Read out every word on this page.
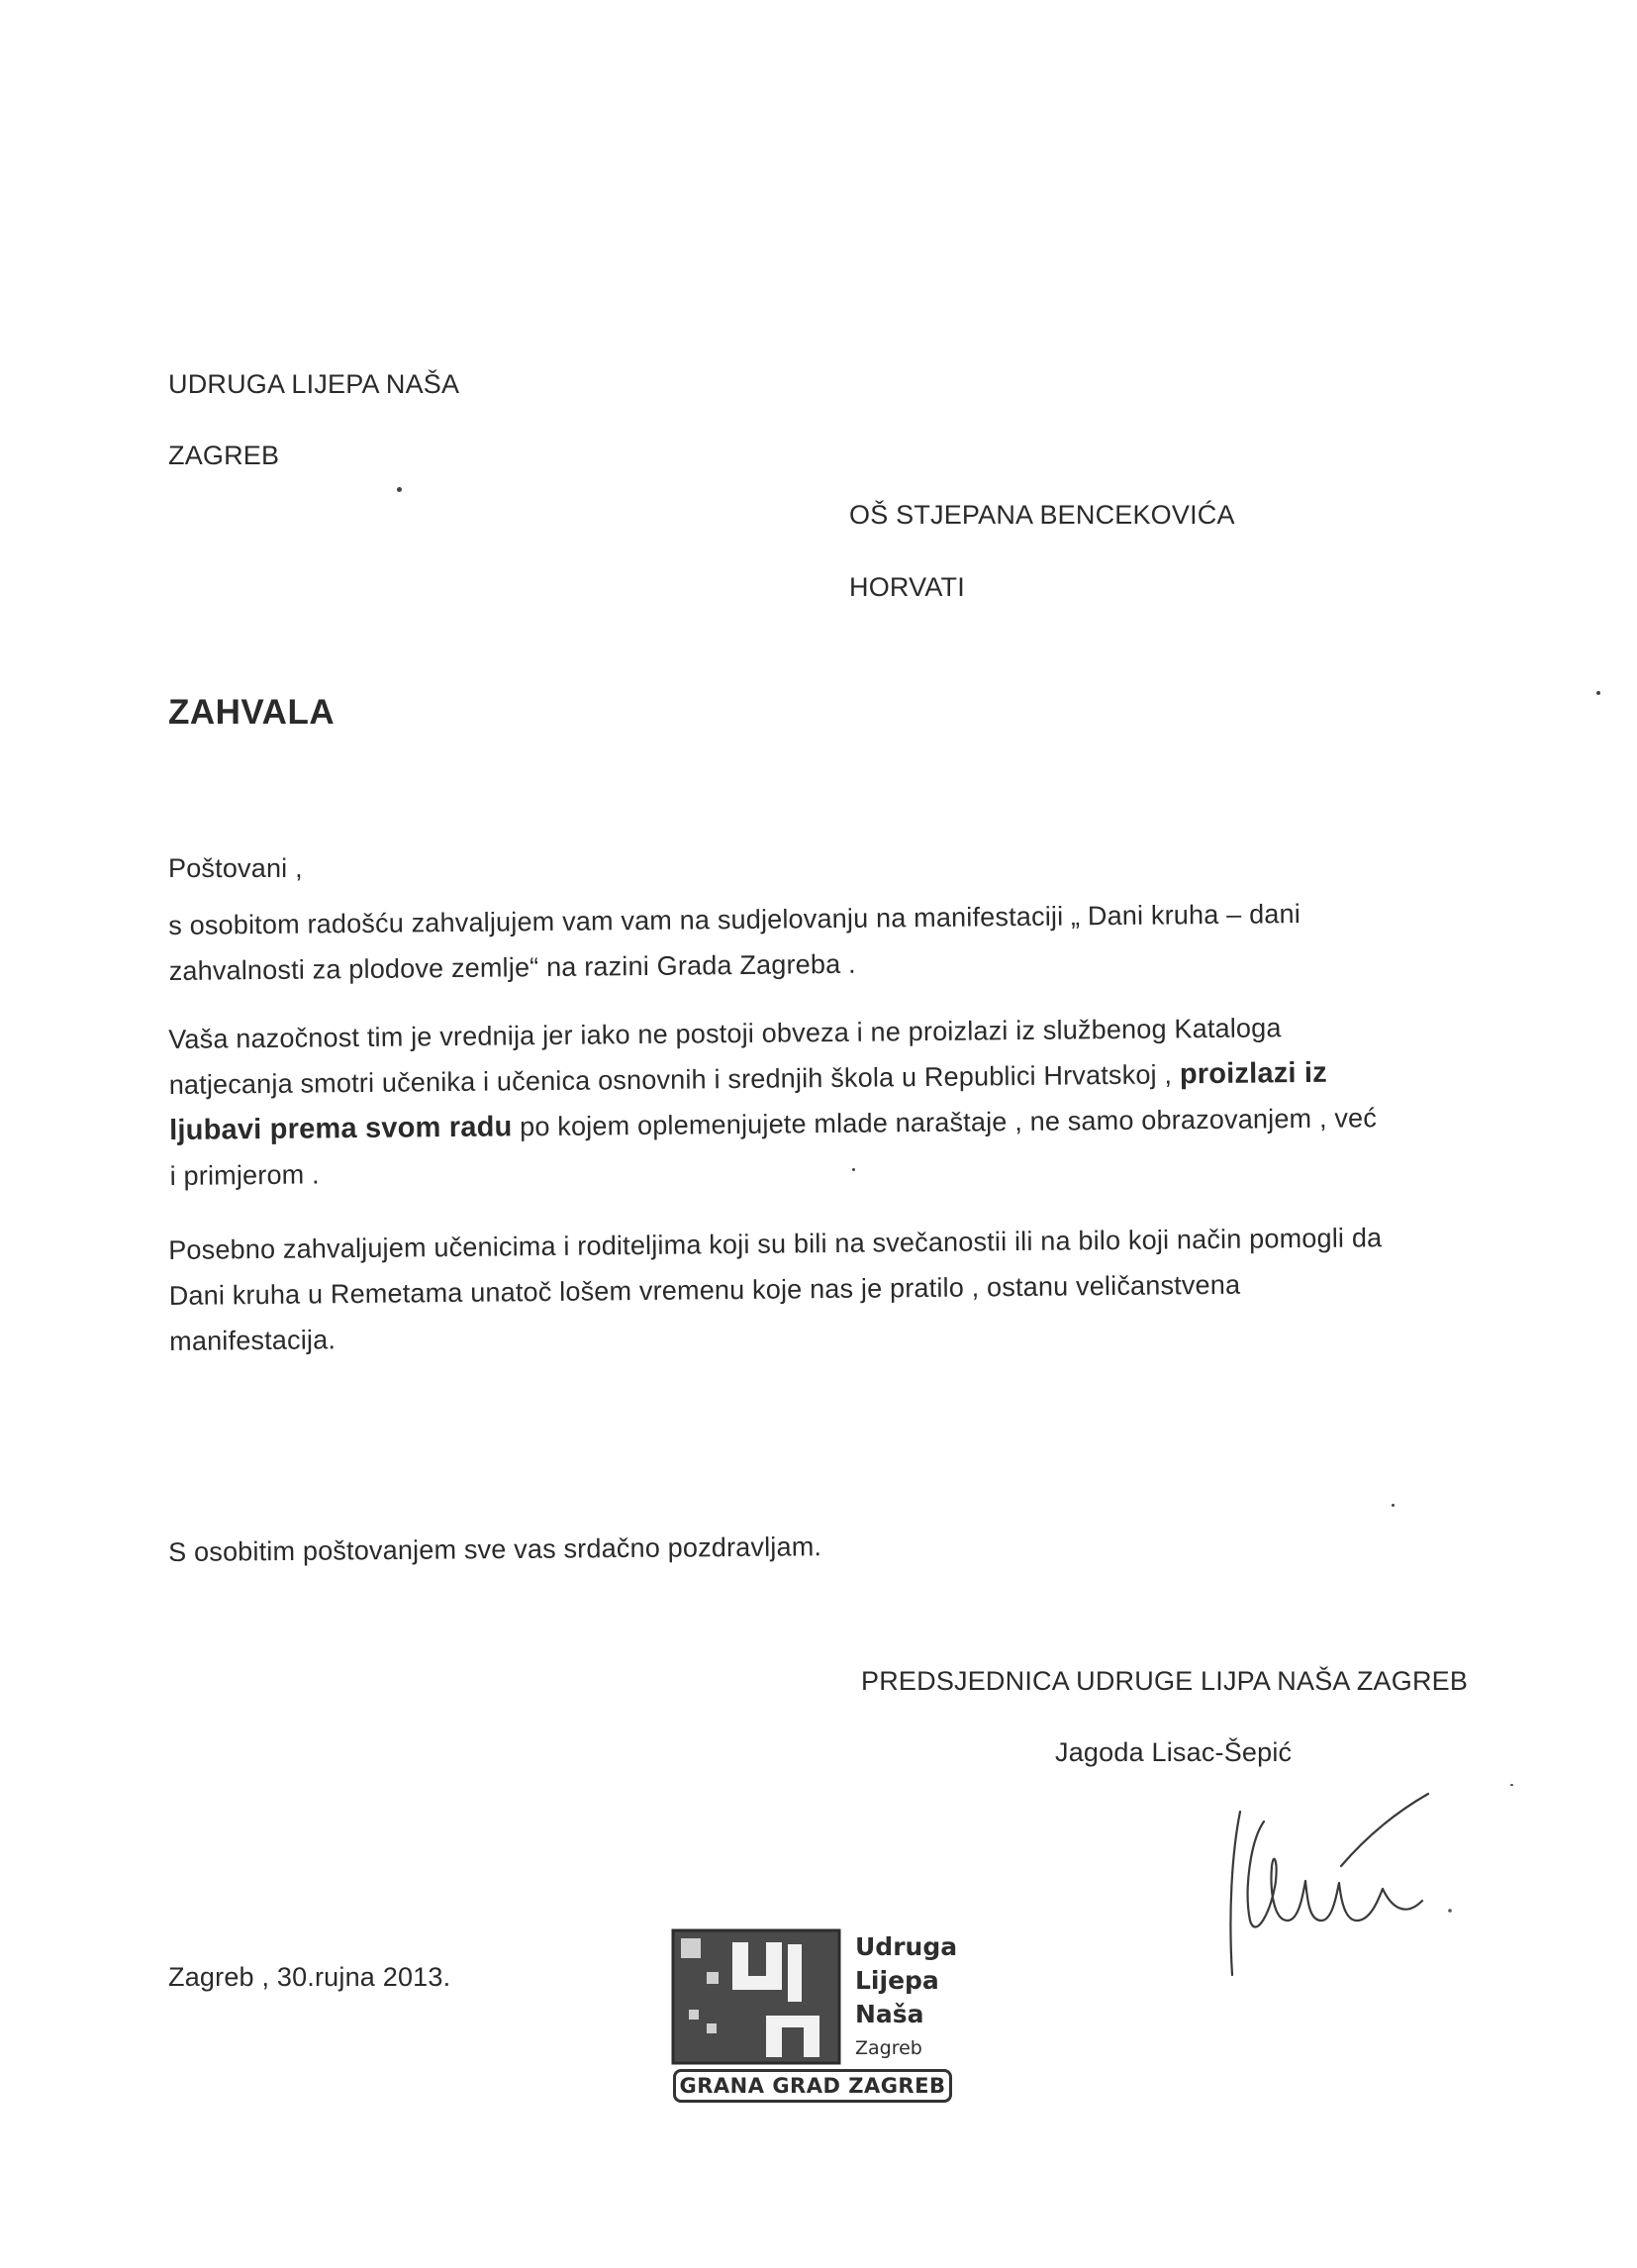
UDRUGA LIJEPA NAŠA
ZAGREB
OŠ STJEPANA BENCEKOVIĆA
HORVATI
ZAHVALA
Poštovani ,
s osobitom radošću zahvaljujem vam vam na sudjelovanju na manifestaciji „ Dani kruha – dani
zahvalnosti za plodove zemlje“ na razini Grada Zagreba .
Vaša nazočnost tim je vrednija jer iako ne postoji obveza i ne proizlazi iz službenog Kataloga
natjecanja smotri učenika i učenica osnovnih i srednjih škola u Republici Hrvatskoj , proizlazi iz
ljubavi prema svom radu po kojem oplemenjujete mlade naraštaje , ne samo obrazovanjem , već
i primjerom .
Posebno zahvaljujem učenicima i roditeljima koji su bili na svečanostii ili na bilo koji način pomogli da
Dani kruha u Remetama unatoč lošem vremenu koje nas je pratilo , ostanu veličanstvena
manifestacija.
S osobitim poštovanjem sve vas srdačno pozdravljam.
PREDSJEDNICA UDRUGE LIJPA NAŠA ZAGREB
Jagoda Lisac-Šepić
Zagreb , 30.rujna 2013.
Udruga
Lijepa
Naša
Zagreb
GRANA GRAD ZAGREB
